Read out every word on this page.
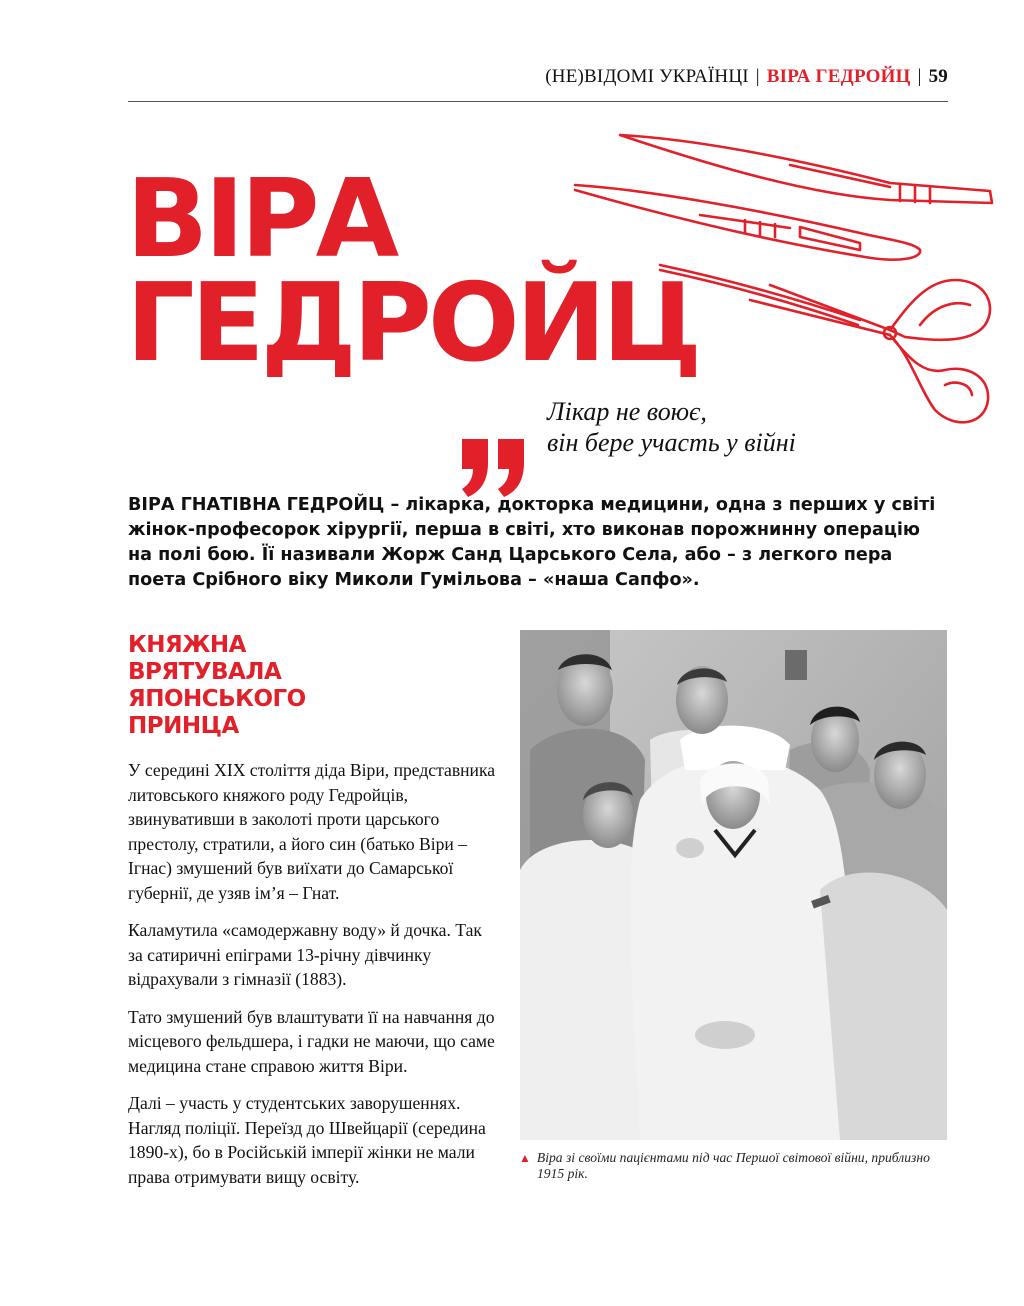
(НЕ)ВІДОМІ УКРАЇНЦІ | ВІРА ГЕДРОЙЦ | 59
ВІРА
ГЕДРОЙЦ
Лікар не воює,
він бере участь у війні
ВІРА ГНАТІВНА ГЕДРОЙЦ – лікарка, докторка медицини, одна з перших у світі жінок-професорок хірургії, перша в світі, хто виконав порожнинну операцію на полі бою. Її називали Жорж Санд Царського Села, або – з легкого пера поета Срібного віку Миколи Гумільова – «наша Сапфо».
КНЯЖНА
ВРЯТУВАЛА
ЯПОНСЬКОГО
ПРИНЦА

У середині XIX століття діда Віри, представника литовського княжого роду Гедройців, звинувативши в заколоті проти царського престолу, стратили, а його син (батько Віри – Ігнас) змушений був виїхати до Самарської губернії, де узяв ім’я – Гнат.

Каламутила «самодержавну воду» й дочка. Так за сатиричні епіграми 13-річну дівчинку відрахували з гімназії (1883).

Тато змушений був влаштувати її на навчання до місцевого фельдшера, і гадки не маючи, що саме медицина стане справою життя Віри.

Далі – участь у студентських заворушеннях. Нагляд поліції. Переїзд до Швейцарії (середина 1890-х), бо в Російській імперії жінки не мали права отримувати вищу освіту.

▲ Віра зі своїми пацієнтами під час Першої світової війни, приблизно 1915 рік.
